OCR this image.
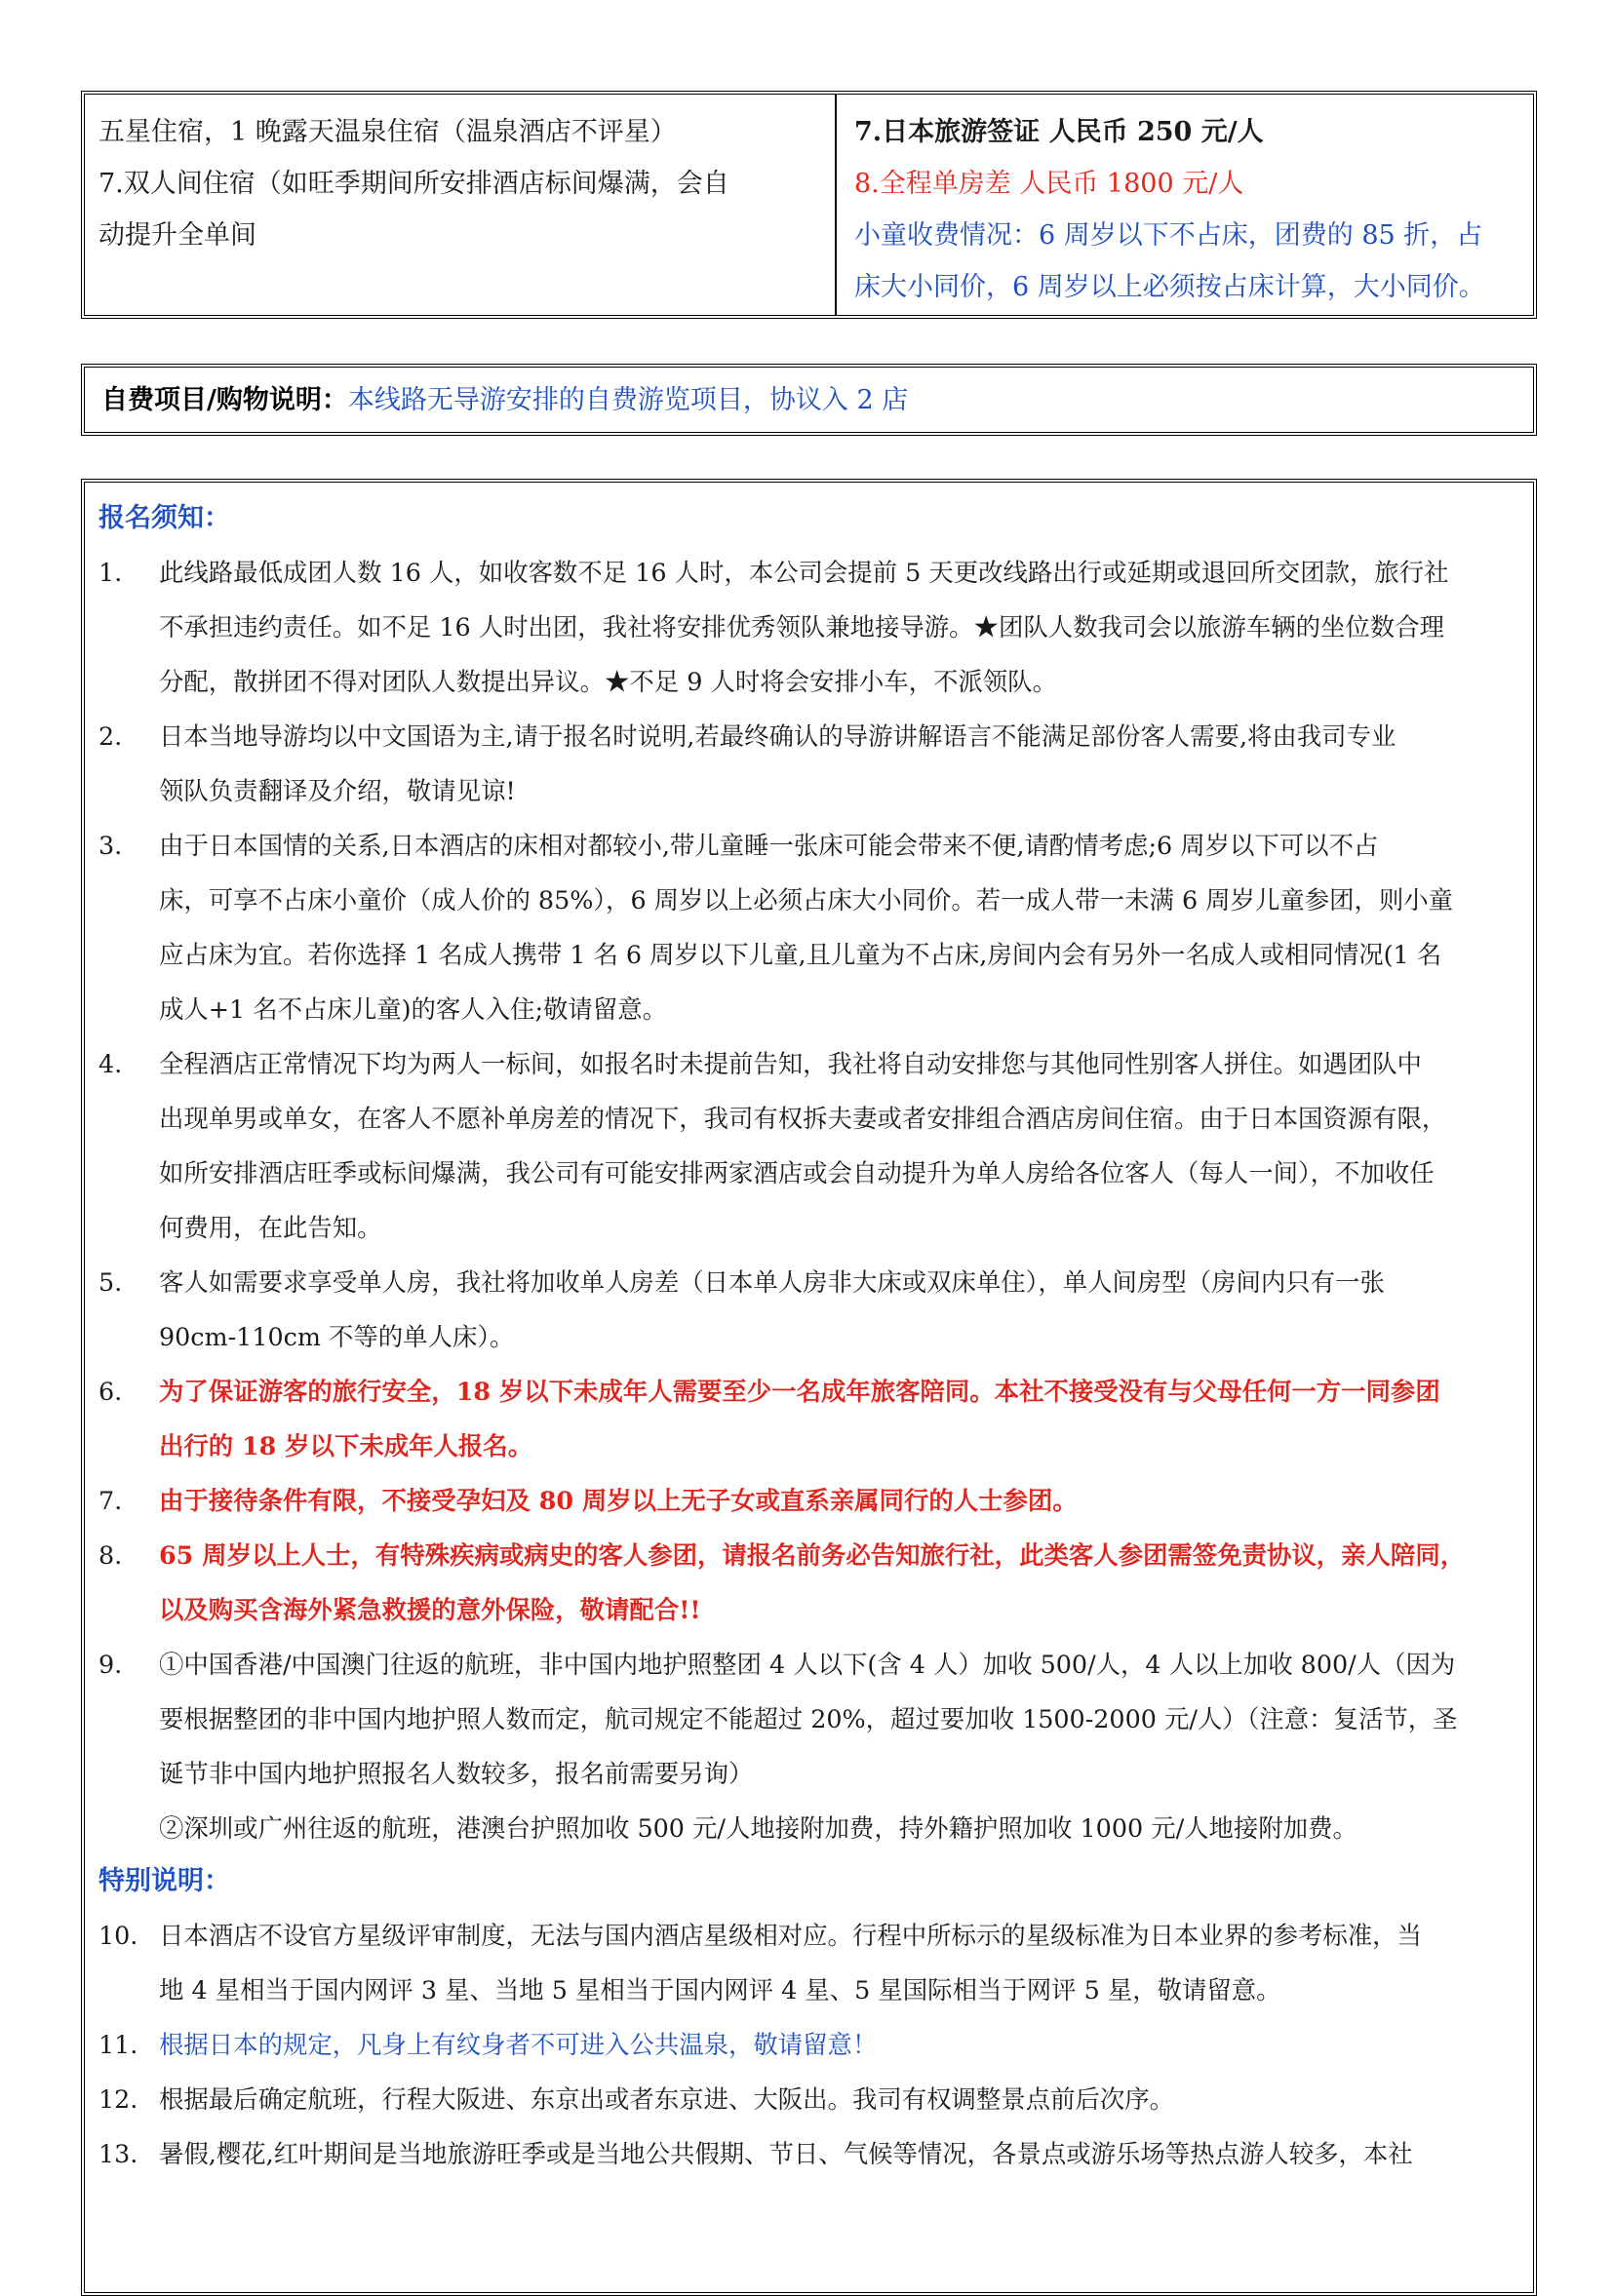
五星住宿，1 晚露天温泉住宿（温泉酒店不评星）
7.双人间住宿（如旺季期间所安排酒店标间爆满，会自
动提升全单间
7.日本旅游签证 人民币 250 元/人
8.全程单房差 人民币 1800 元/人
小童收费情况：6 周岁以下不占床，团费的 85 折，占
床大小同价，6 周岁以上必须按占床计算，大小同价。
自费项目/购物说明：本线路无导游安排的自费游览项目，协议入 2 店
报名须知：
1.	此线路最低成团人数 16 人，如收客数不足 16 人时，本公司会提前 5 天更改线路出行或延期或退回所交团款，旅行社
不承担违约责任。如不足 16 人时出团，我社将安排优秀领队兼地接导游。★团队人数我司会以旅游车辆的坐位数合理
分配，散拼团不得对团队人数提出异议。★不足 9 人时将会安排小车，不派领队。
2.	日本当地导游均以中文国语为主,请于报名时说明,若最终确认的导游讲解语言不能满足部份客人需要,将由我司专业
领队负责翻译及介绍，敬请见谅!
3.	由于日本国情的关系,日本酒店的床相对都较小,带儿童睡一张床可能会带来不便,请酌情考虑;6 周岁以下可以不占
床，可享不占床小童价（成人价的 85%），6 周岁以上必须占床大小同价。若一成人带一未满 6 周岁儿童参团，则小童
应占床为宜。若你选择 1 名成人携带 1 名 6 周岁以下儿童,且儿童为不占床,房间内会有另外一名成人或相同情况(1 名
成人+1 名不占床儿童)的客人入住;敬请留意。
4.	全程酒店正常情况下均为两人一标间，如报名时未提前告知，我社将自动安排您与其他同性别客人拼住。如遇团队中
出现单男或单女，在客人不愿补单房差的情况下，我司有权拆夫妻或者安排组合酒店房间住宿。由于日本国资源有限，
如所安排酒店旺季或标间爆满，我公司有可能安排两家酒店或会自动提升为单人房给各位客人（每人一间），不加收任
何费用，在此告知。
5.	客人如需要求享受单人房，我社将加收单人房差（日本单人房非大床或双床单住），单人间房型（房间内只有一张
90cm-110cm 不等的单人床）。
6.	为了保证游客的旅行安全，18 岁以下未成年人需要至少一名成年旅客陪同。本社不接受没有与父母任何一方一同参团
出行的 18 岁以下未成年人报名。
7.	由于接待条件有限，不接受孕妇及 80 周岁以上无子女或直系亲属同行的人士参团。
8.	65 周岁以上人士，有特殊疾病或病史的客人参团，请报名前务必告知旅行社，此类客人参团需签免责协议，亲人陪同，
以及购买含海外紧急救援的意外保险，敬请配合!!
9.	①中国香港/中国澳门往返的航班，非中国内地护照整团 4 人以下(含 4 人）加收 500/人，4 人以上加收 800/人（因为
要根据整团的非中国内地护照人数而定，航司规定不能超过 20%，超过要加收 1500-2000 元/人）（注意：复活节，圣
诞节非中国内地护照报名人数较多，报名前需要另询）
②深圳或广州往返的航班，港澳台护照加收 500 元/人地接附加费，持外籍护照加收 1000 元/人地接附加费。
特别说明：
10. 日本酒店不设官方星级评审制度，无法与国内酒店星级相对应。行程中所标示的星级标准为日本业界的参考标准，当
地 4 星相当于国内网评 3 星、当地 5 星相当于国内网评 4 星、5 星国际相当于网评 5 星，敬请留意。
11. 根据日本的规定，凡身上有纹身者不可进入公共温泉，敬请留意！
12. 根据最后确定航班，行程大阪进、东京出或者东京进、大阪出。我司有权调整景点前后次序。
13. 暑假,樱花,红叶期间是当地旅游旺季或是当地公共假期、节日、气候等情况，各景点或游乐场等热点游人较多，本社
